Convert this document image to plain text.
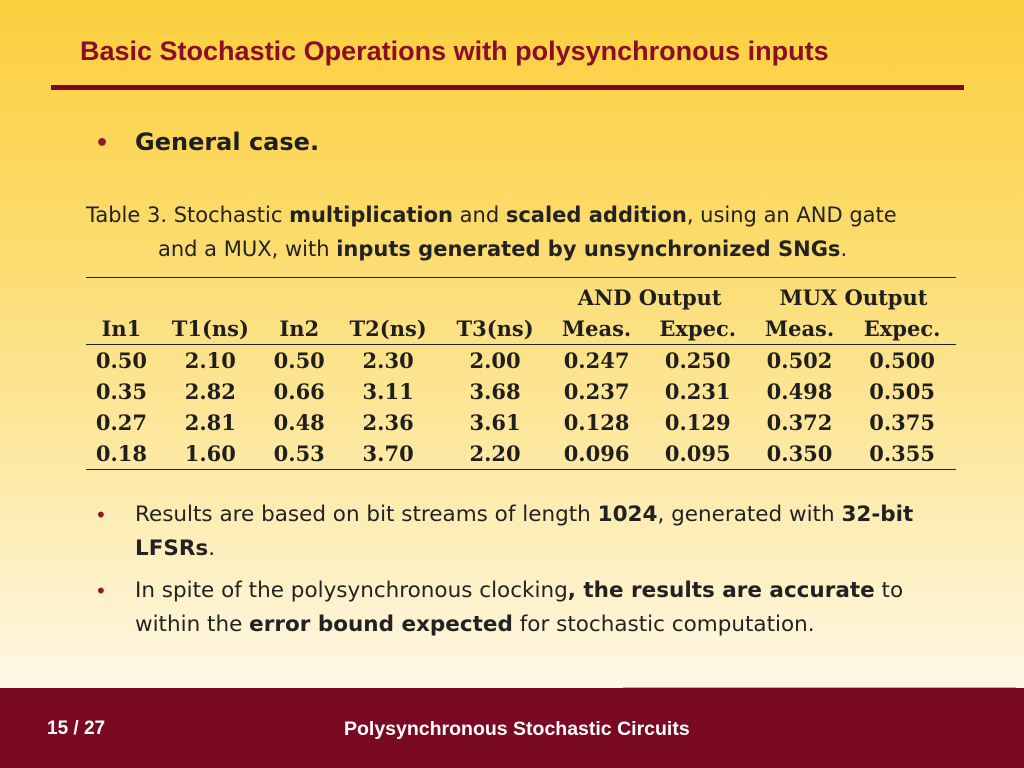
Basic Stochastic Operations with polysynchronous inputs
•	General case.
Table 3. Stochastic multiplication and scaled addition, using an AND gate
and a MUX, with inputs generated by unsynchronized SNGs.
					AND Output		MUX Output	
In1	T1(ns)	In2	T2(ns)	T3(ns)	Meas.	Expec.	Meas.	Expec.
0.50	2.10	0.50	2.30	2.00	0.247	0.250	0.502	0.500
0.35	2.82	0.66	3.11	3.68	0.237	0.231	0.498	0.505
0.27	2.81	0.48	2.36	3.61	0.128	0.129	0.372	0.375
0.18	1.60	0.53	3.70	2.20	0.096	0.095	0.350	0.355
•	Results are based on bit streams of length 1024, generated with 32-bit LFSRs.
•	In spite of the polysynchronous clocking, the results are accurate to within the error bound expected for stochastic computation.
15 / 27	Polysynchronous Stochastic Circuits
